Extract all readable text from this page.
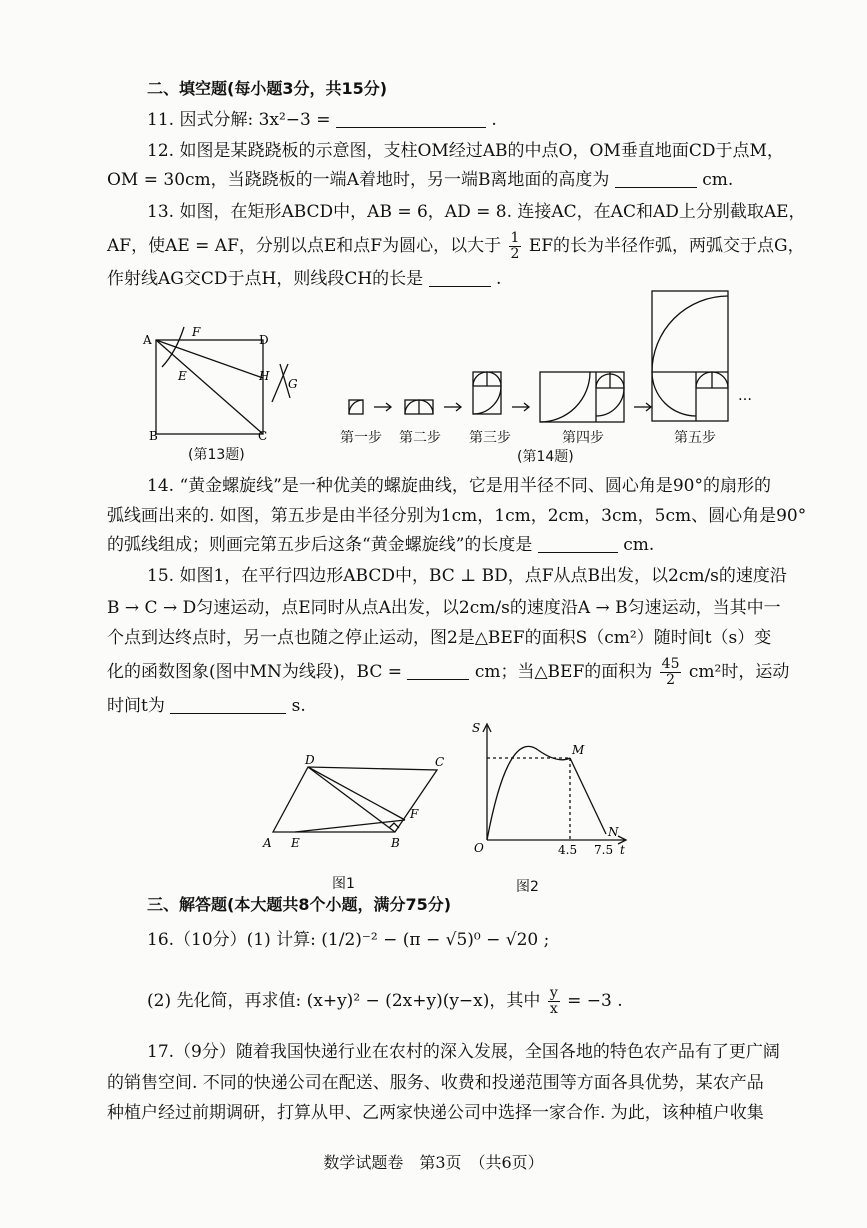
二、填空题(每小题3分，共15分)
11. 因式分解: 3x²−3 =	.
12. 如图是某跷跷板的示意图，支柱OM经过AB的中点O，OM垂直地面CD于点M，
OM = 30cm，当跷跷板的一端A着地时，另一端B离地面的高度为	cm.
13. 如图，在矩形ABCD中，AB = 6，AD = 8. 连接AC，在AC和AD上分别截取AE，
AF，使AE = AF，分别以点E和点F为圆心，以大于 $\frac{1}{2}$ EF的长为半径作弧，两弧交于点G，
作射线AG交CD于点H，则线段CH的长是	.
A
F
D
E	H
G
B	C
(第13题)
…
第一步 第二步 第三步	第四步	第五步
(第14题)
14. “黄金螺旋线”是一种优美的螺旋曲线，它是用半径不同、圆心角是90°的扇形的
弧线画出来的. 如图，第五步是由半径分别为1cm，1cm，2cm，3cm，5cm、圆心角是90°
的弧线组成；则画完第五步后这条“黄金螺旋线”的长度是	cm.
15. 如图1，在平行四边形ABCD中，BC ⊥ BD，点F从点B出发，以2cm/s的速度沿
B → C → D匀速运动，点E同时从点A出发，以2cm/s的速度沿A → B匀速运动，当其中一
个点到达终点时，另一点也随之停止运动，图2是△BEF的面积S（cm²）随时间t（s）变
化的函数图象(图中MN为线段)，BC =	cm；当△BEF的面积为 $\frac{45}{2} cm^2$时，运动
时间t为	s.
D	C
F
A E	B
图1
S
M
O	4.5 7.5
N
t
图2
三、解答题(本大题共8个小题，满分75分)
16.（10分）(1) 计算: (1/2)⁻² − (π − √5)⁰ − √20 ;
(2) 先化简，再求值: (x+y)² − (2x+y)(y−x)，其中 $\frac{y}{x} = -3$ .
17.（9分）随着我国快递行业在农村的深入发展，全国各地的特色农产品有了更广阔
的销售空间. 不同的快递公司在配送、服务、收费和投递范围等方面各具优势，某农产品
种植户经过前期调研，打算从甲、乙两家快递公司中选择一家合作. 为此，该种植户收集
数学试题卷　第3页　（共6页）
